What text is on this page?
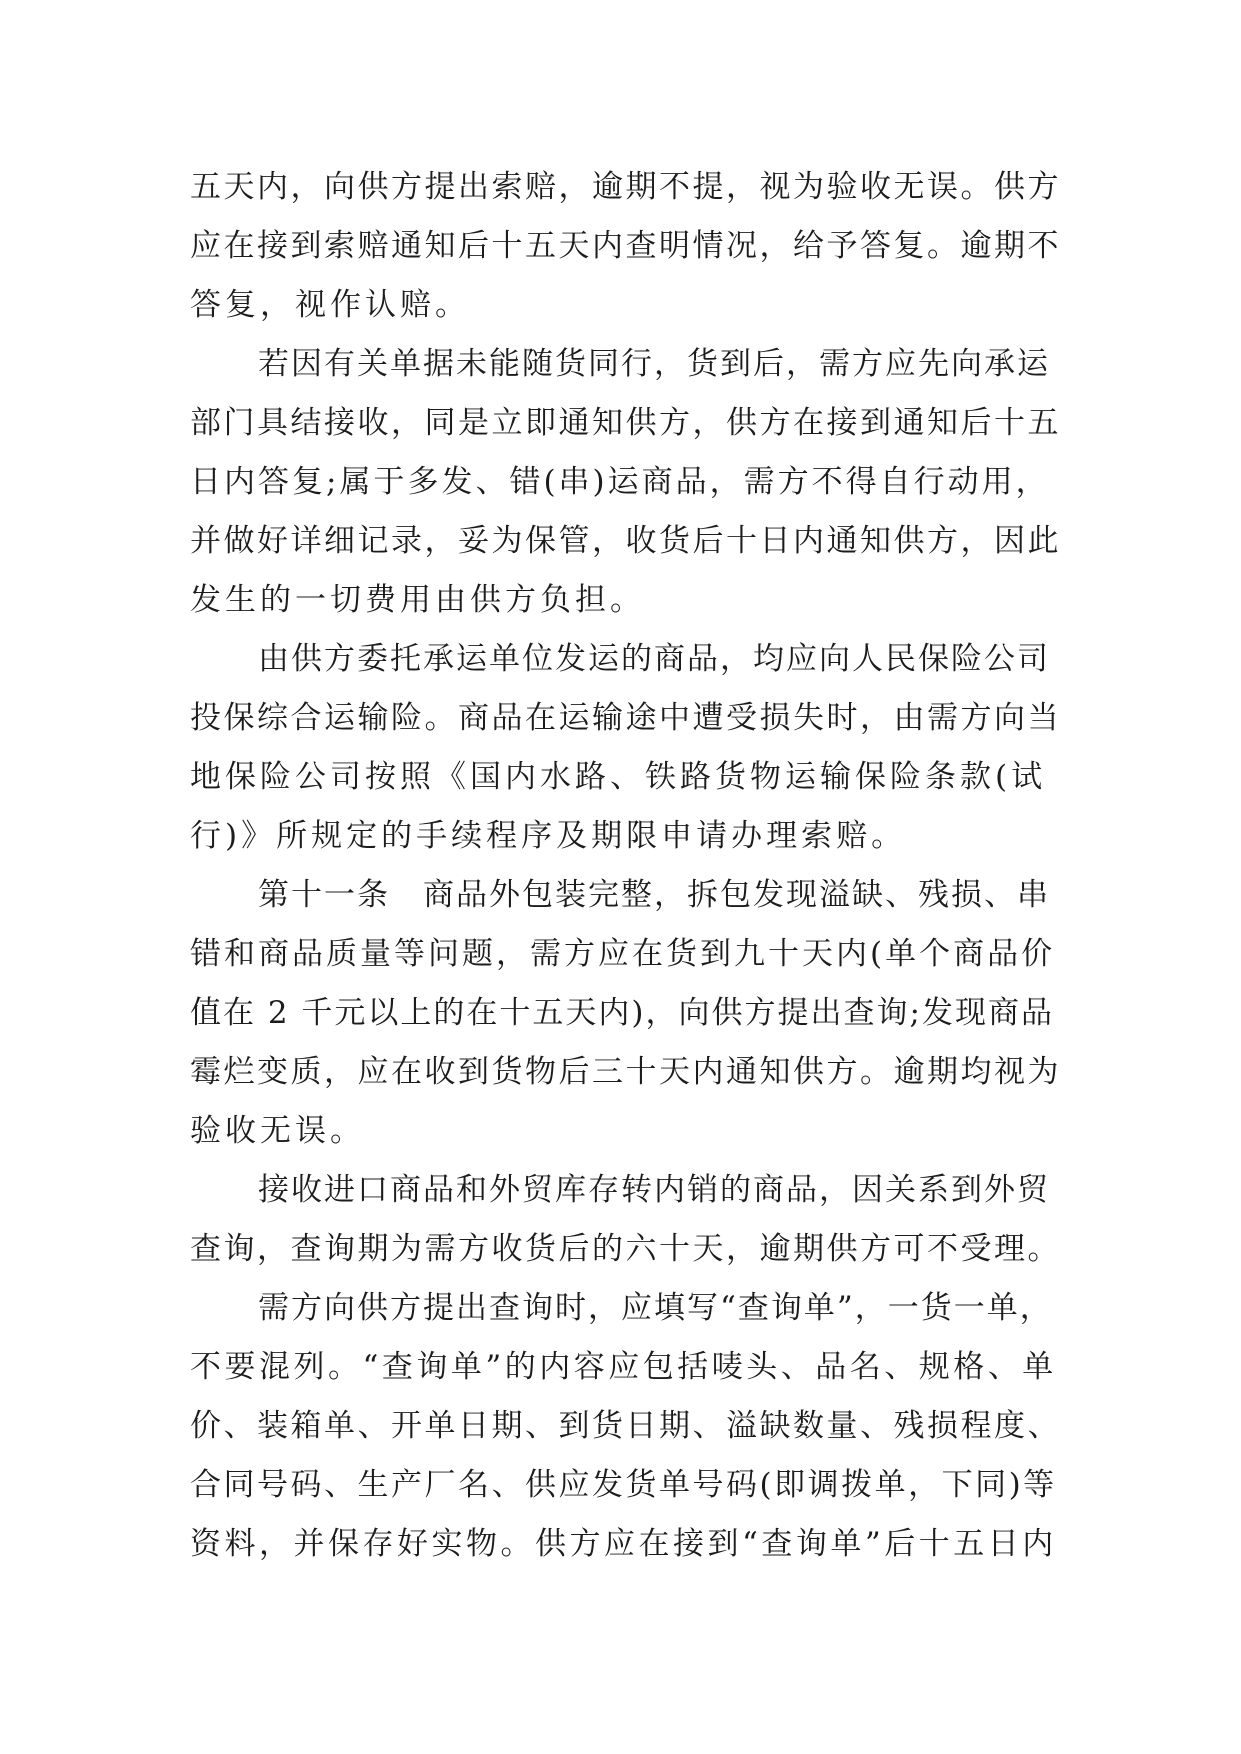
五天内，向供方提出索赔，逾期不提，视为验收无误。供方
应在接到索赔通知后十五天内查明情况，给予答复。逾期不
答复，视作认赔。
若因有关单据未能随货同行，货到后，需方应先向承运
部门具结接收，同是立即通知供方，供方在接到通知后十五
日内答复;属于多发、错(串)运商品，需方不得自行动用，
并做好详细记录，妥为保管，收货后十日内通知供方，因此
发生的一切费用由供方负担。
由供方委托承运单位发运的商品，均应向人民保险公司
投保综合运输险。商品在运输途中遭受损失时，由需方向当
地保险公司按照《国内水路、铁路货物运输保险条款(试
行)》所规定的手续程序及期限申请办理索赔。
第十一条　商品外包装完整，拆包发现溢缺、残损、串
错和商品质量等问题，需方应在货到九十天内(单个商品价
值在 2 千元以上的在十五天内)，向供方提出查询;发现商品
霉烂变质，应在收到货物后三十天内通知供方。逾期均视为
验收无误。
接收进口商品和外贸库存转内销的商品，因关系到外贸
查询，查询期为需方收货后的六十天，逾期供方可不受理。
需方向供方提出查询时，应填写“查询单”，一货一单，
不要混列。“查询单”的内容应包括唛头、品名、规格、单
价、装箱单、开单日期、到货日期、溢缺数量、残损程度、
合同号码、生产厂名、供应发货单号码(即调拨单，下同)等
资料，并保存好实物。供方应在接到“查询单”后十五日内
